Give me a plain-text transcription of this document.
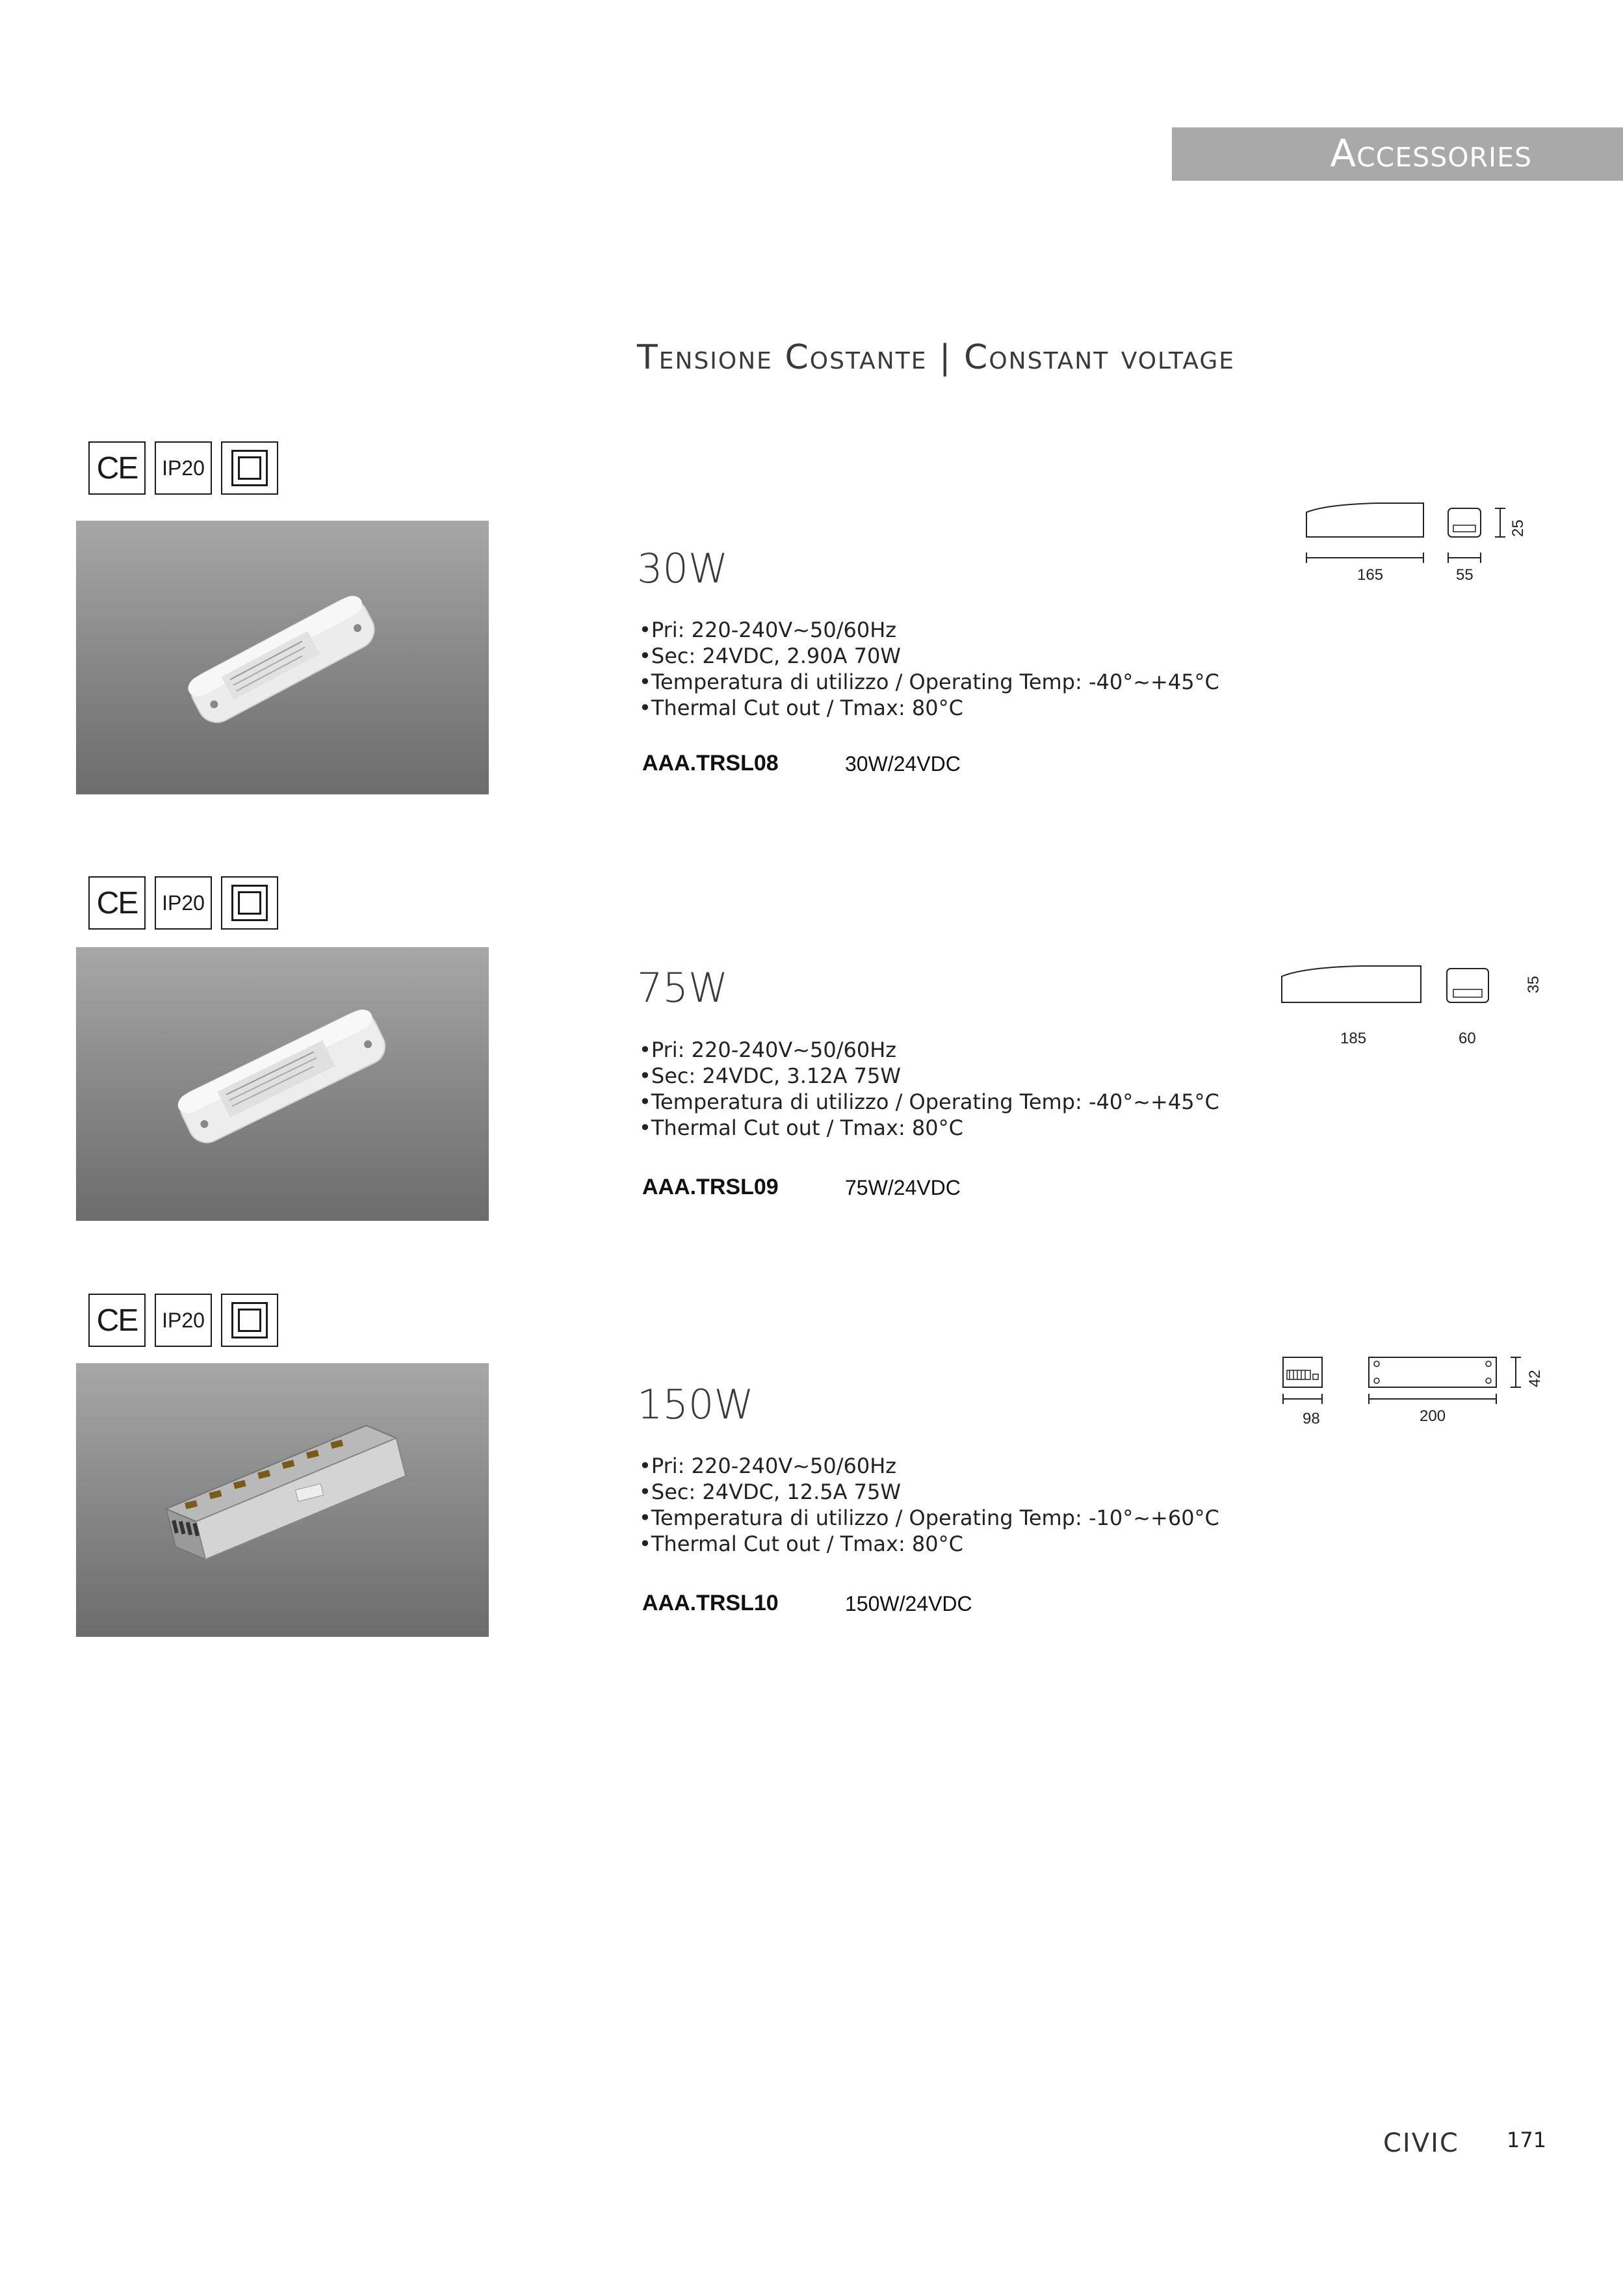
Accessories
Tensione Costante | Constant voltage
CE	IP20
30W
•Pri: 220-240V~50/60Hz
•Sec: 24VDC, 2.90A 70W
•Temperatura di utilizzo / Operating Temp: -40°~+45°C
•Thermal Cut out / Tmax: 80°C
AAA.TRSL08	30W/24VDC
165	55
25
CE	IP20
75W
•Pri: 220-240V~50/60Hz
•Sec: 24VDC, 3.12A 75W
•Temperatura di utilizzo / Operating Temp: -40°~+45°C
•Thermal Cut out / Tmax: 80°C
AAA.TRSL09	75W/24VDC
185	60
35
CE	IP20
150W
•Pri: 220-240V~50/60Hz
•Sec: 24VDC, 12.5A 75W
•Temperatura di utilizzo / Operating Temp: -10°~+60°C
•Thermal Cut out / Tmax: 80°C
AAA.TRSL10	150W/24VDC
98	200
42
CIVIC 171
